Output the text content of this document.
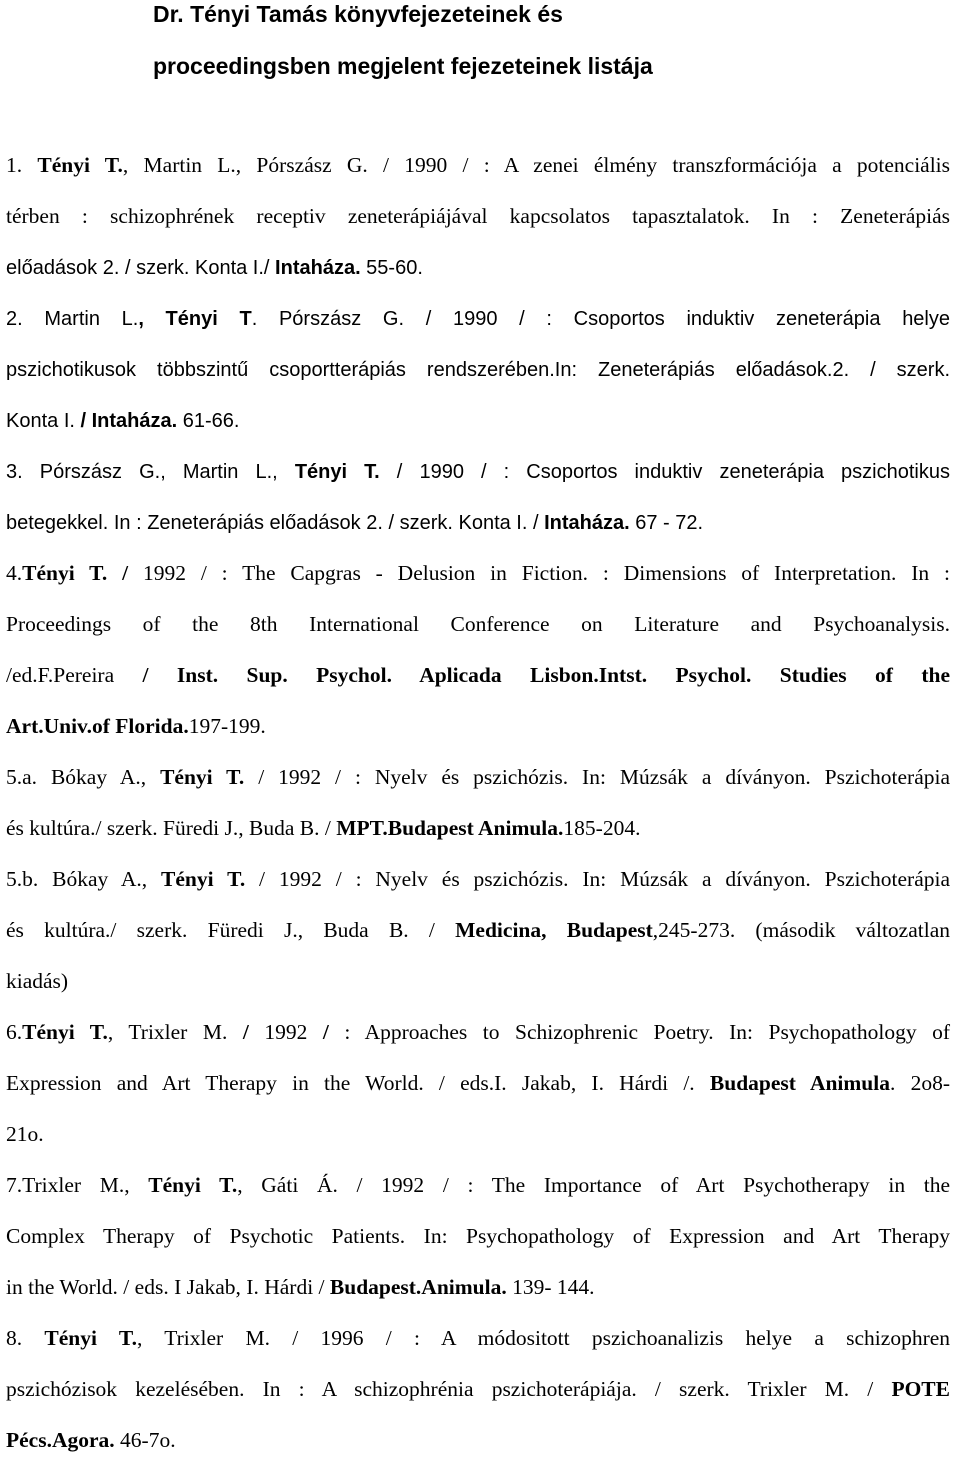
Dr. Tényi Tamás könyvfejezeteinek és
proceedingsben megjelent fejezeteinek listája
1. Tényi T., Martin L., Pórszász G. / 1990 / : A zenei élmény transzformációja a potenciális
térben : schizophrének receptiv zeneterápiájával kapcsolatos tapasztalatok. In : Zeneterápiás
előadások 2. / szerk. Konta I./ Intaháza. 55-60.
2. Martin L., Tényi T. Pórszász G. / 1990 / : Csoportos induktiv zeneterápia helye
pszichotikusok többszintű csoportterápiás rendszerében.In: Zeneterápiás előadások.2. / szerk.
Konta I. / Intaháza. 61-66.
3. Pórszász G., Martin L., Tényi T. / 1990 / : Csoportos induktiv zeneterápia pszichotikus
betegekkel. In : Zeneterápiás előadások 2. / szerk. Konta I. / Intaháza. 67 - 72.
4.Tényi T. / 1992 / : The Capgras - Delusion in Fiction. : Dimensions of Interpretation. In :
Proceedings of the 8th International Conference on Literature and Psychoanalysis.
/ed.F.Pereira / Inst. Sup. Psychol. Aplicada Lisbon.Intst. Psychol. Studies of the
Art.Univ.of Florida.197-199.
5.a. Bókay A., Tényi T. / 1992 / : Nyelv és pszichózis. In: Múzsák a díványon. Pszichoterápia
és kultúra./ szerk. Füredi J., Buda B. / MPT.Budapest Animula.185-204.
5.b. Bókay A., Tényi T. / 1992 / : Nyelv és pszichózis. In: Múzsák a díványon. Pszichoterápia
és kultúra./ szerk. Füredi J., Buda B. / Medicina, Budapest,245-273. (második változatlan
kiadás)
6.Tényi T., Trixler M. / 1992 / : Approaches to Schizophrenic Poetry. In: Psychopathology of
Expression and Art Therapy in the World. / eds.I. Jakab, I. Hárdi /. Budapest Animula. 2o8-
21o.
7.Trixler M., Tényi T., Gáti Á. / 1992 / : The Importance of Art Psychotherapy in the
Complex Therapy of Psychotic Patients. In: Psychopathology of Expression and Art Therapy
in the World. / eds. I Jakab, I. Hárdi / Budapest.Animula. 139- 144.
8. Tényi T., Trixler M. / 1996 / : A módositott pszichoanalizis helye a schizophren
pszichózisok kezelésében. In : A schizophrénia pszichoterápiája. / szerk. Trixler M. / POTE
Pécs.Agora. 46-7o.
